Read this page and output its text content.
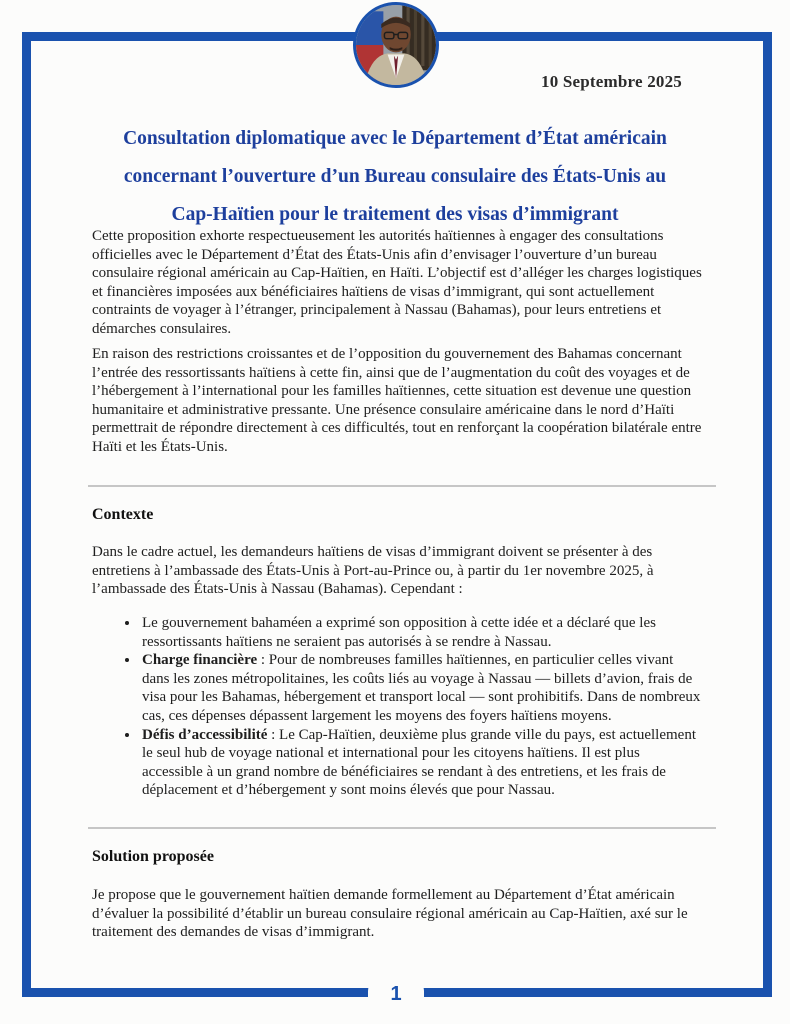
10 Septembre 2025
Consultation diplomatique avec le Département d’État américain
concernant l’ouverture d’un Bureau consulaire des États-Unis au
Cap-Haïtien pour le traitement des visas d’immigrant
Cette proposition exhorte respectueusement les autorités haïtiennes à engager des consultations officielles avec le Département d’État des États-Unis afin d’envisager l’ouverture d’un bureau consulaire régional américain au Cap-Haïtien, en Haïti. L’objectif est d’alléger les charges logistiques et financières imposées aux bénéficiaires haïtiens de visas d’immigrant, qui sont actuellement contraints de voyager à l’étranger, principalement à Nassau (Bahamas), pour leurs entretiens et démarches consulaires.
En raison des restrictions croissantes et de l’opposition du gouvernement des Bahamas concernant l’entrée des ressortissants haïtiens à cette fin, ainsi que de l’augmentation du coût des voyages et de l’hébergement à l’international pour les familles haïtiennes, cette situation est devenue une question humanitaire et administrative pressante. Une présence consulaire américaine dans le nord d’Haïti permettrait de répondre directement à ces difficultés, tout en renforçant la coopération bilatérale entre Haïti et les États-Unis.
Contexte
Dans le cadre actuel, les demandeurs haïtiens de visas d’immigrant doivent se présenter à des entretiens à l’ambassade des États-Unis à Port-au-Prince ou, à partir du 1er novembre 2025, à l’ambassade des États-Unis à Nassau (Bahamas). Cependant :
• Le gouvernement bahaméen a exprimé son opposition à cette idée et a déclaré que les ressortissants haïtiens ne seraient pas autorisés à se rendre à Nassau.
• Charge financière : Pour de nombreuses familles haïtiennes, en particulier celles vivant dans les zones métropolitaines, les coûts liés au voyage à Nassau — billets d’avion, frais de visa pour les Bahamas, hébergement et transport local — sont prohibitifs. Dans de nombreux cas, ces dépenses dépassent largement les moyens des foyers haïtiens moyens.
• Défis d’accessibilité : Le Cap-Haïtien, deuxième plus grande ville du pays, est actuellement le seul hub de voyage national et international pour les citoyens haïtiens. Il est plus accessible à un grand nombre de bénéficiaires se rendant à des entretiens, et les frais de déplacement et d’hébergement y sont moins élevés que pour Nassau.
Solution proposée
Je propose que le gouvernement haïtien demande formellement au Département d’État américain d’évaluer la possibilité d’établir un bureau consulaire régional américain au Cap-Haïtien, axé sur le traitement des demandes de visas d’immigrant.
1
